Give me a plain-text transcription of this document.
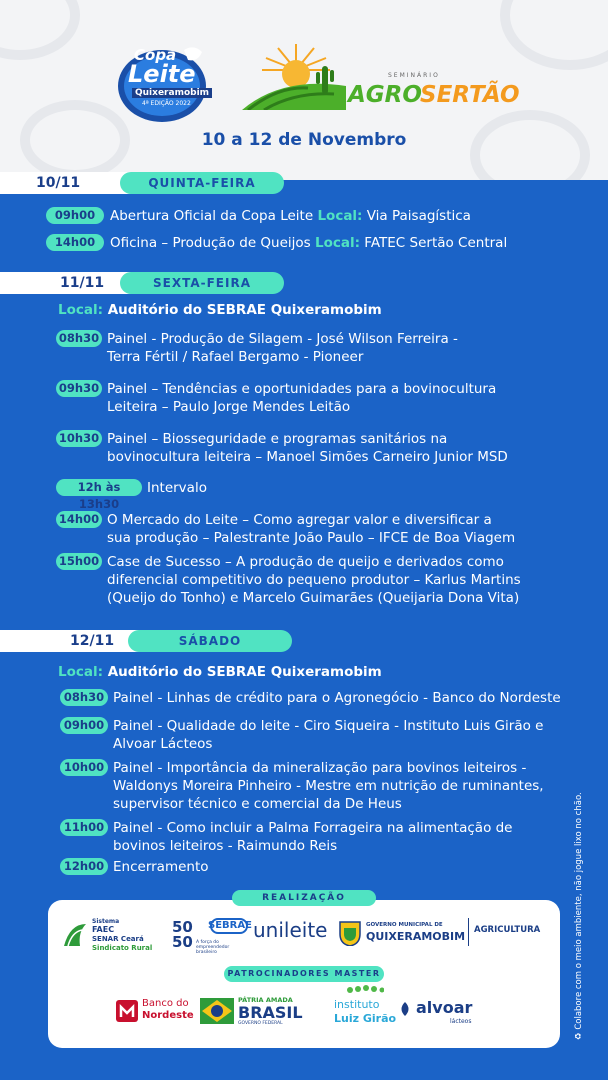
Copa
Leite
Quixeramobim
4ª EDIÇÃO 2022
SEMINÁRIO
AGRO
SERTÃO
10 a 12 de Novembro
10/11	QUINTA-FEIRA
09h00	Abertura Oficial da Copa Leite Local: Via Paisagística
14h00	Oficina – Produção de Queijos Local: FATEC Sertão Central
11/11	SEXTA-FEIRA
Local: Auditório do SEBRAE Quixeramobim
08h30 Painel - Produção de Silagem - José Wilson Ferreira -
Terra Fértil / Rafael Bergamo - Pioneer
09h30 Painel – Tendências e oportunidades para a bovinocultura
Leiteira – Paulo Jorge Mendes Leitão
10h30 Painel – Biosseguridade e programas sanitários na
bovinocultura leiteira – Manoel Simões Carneiro Junior MSD
12h às 13h30
Intervalo
14h00 O Mercado do Leite – Como agregar valor e diversificar a
sua produção – Palestrante João Paulo – IFCE de Boa Viagem
15h00 Case de Sucesso – A produção de queijo e derivados como
diferencial competitivo do pequeno produtor – Karlus Martins
(Queijo do Tonho) e Marcelo Guimarães (Queijaria Dona Vita)
12/11	SÁBADO
Local: Auditório do SEBRAE Quixeramobim
08h30 Painel - Linhas de crédito para o Agronegócio - Banco do Nordeste
09h00 Painel - Qualidade do leite - Ciro Siqueira - Instituto Luis Girão e
Alvoar Lácteos
10h00 Painel - Importância da mineralização para bovinos leiteiros -
Waldonys Moreira Pinheiro - Mestre em nutrição de ruminantes,
supervisor técnico e comercial da De Heus
11h00 Painel - Como incluir a Palma Forrageira na alimentação de
bovinos leiteiros - Raimundo Reis
12h00 Encerramento
Sistema
FAEC
SENAR Ceará
Sindicato Rural
50
50
SEBRAE
A força do empreendedor brasileiro
unileite	GOVERNO MUNICIPAL DE
QUIXERAMOBIM AGRICULTURA
Banco do
Nordeste
PÁTRIA AMADA
BRASIL
GOVERNO FEDERAL
instituto
Luiz Girão
alvoar
lácteos
REALIZAÇÃO
PATROCINADORES MASTER
♻ Colabore com o meio ambiente, não jogue lixo no chão.
